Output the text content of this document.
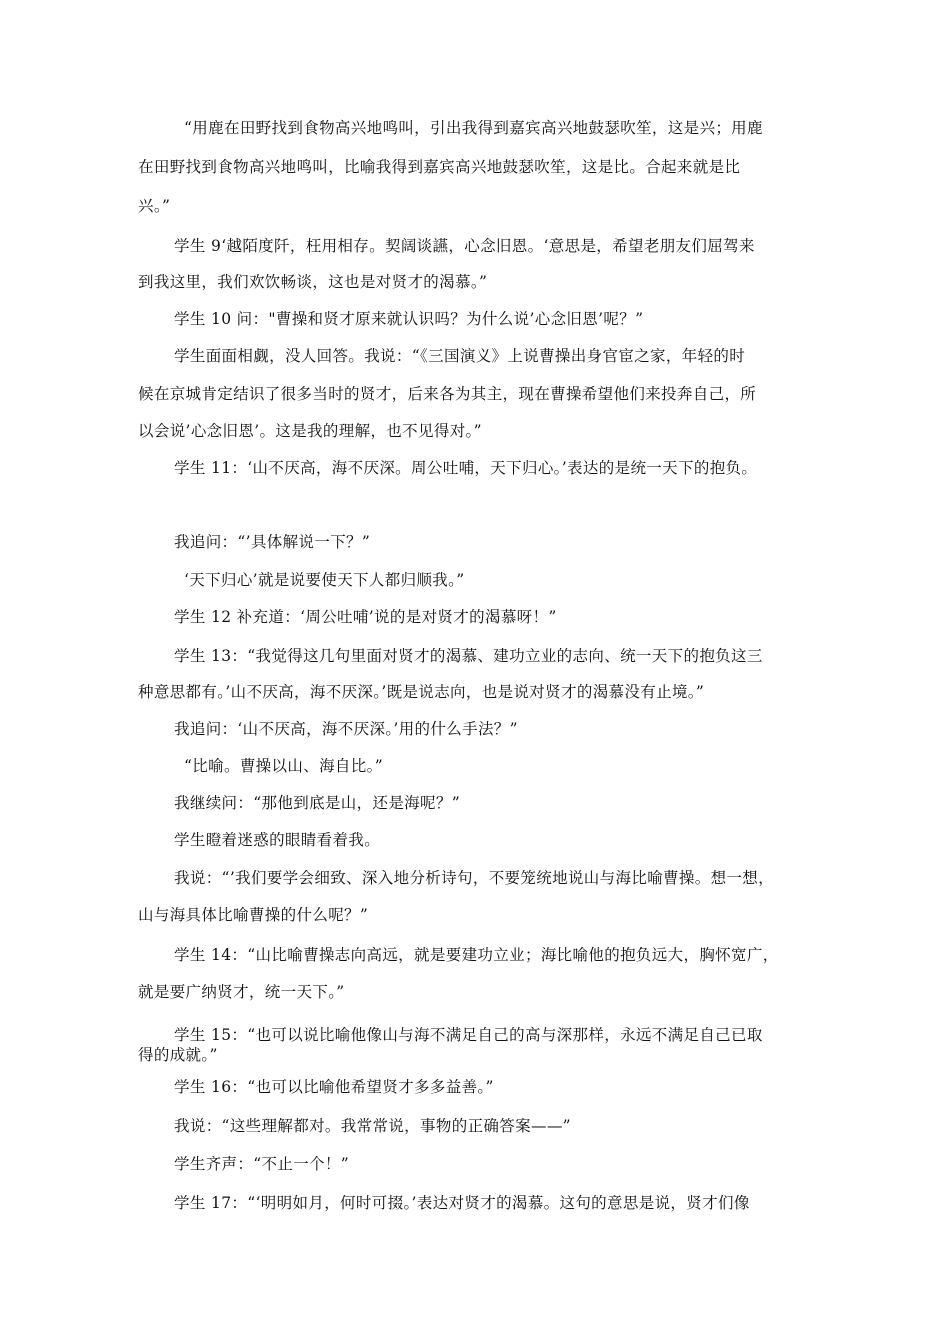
“用鹿在田野找到食物高兴地鸣叫，引出我得到嘉宾高兴地鼓瑟吹笙，这是兴；用鹿
在田野找到食物高兴地鸣叫，比喻我得到嘉宾高兴地鼓瑟吹笙，这是比。合起来就是比
兴。”
学生 9‘越陌度阡，枉用相存。契阔谈讌，心念旧恩。‘意思是，希望老朋友们屈驾来
到我这里，我们欢饮畅谈，这也是对贤才的渴慕。”
学生 10 问："曹操和贤才原来就认识吗？为什么说’心念旧恩’呢？”
学生面面相觑，没人回答。我说：“《三国演义》上说曹操出身官宦之家，年轻的时
候在京城肯定结识了很多当时的贤才，后来各为其主，现在曹操希望他们来投奔自己，所
以会说’心念旧恩’。这是我的理解，也不见得对。”
学生 11：‘山不厌高，海不厌深。周公吐哺，天下归心。’表达的是统一天下的抱负。
我追问：“’具体解说一下？”
‘天下归心’就是说要使天下人都归顺我。”
学生 12 补充道：‘周公吐哺’说的是对贤才的渴慕呀！”
学生 13：“我觉得这几句里面对贤才的渴慕、建功立业的志向、统一天下的抱负这三
种意思都有。’山不厌高，海不厌深。’既是说志向，也是说对贤才的渴慕没有止境。”
我追问：‘山不厌高，海不厌深。’用的什么手法？”
“比喻。曹操以山、海自比。”
我继续问：“那他到底是山，还是海呢？”
学生瞪着迷惑的眼睛看着我。
我说：“’我们要学会细致、深入地分析诗句，不要笼统地说山与海比喻曹操。想一想，
山与海具体比喻曹操的什么呢？”
学生 14：“山比喻曹操志向高远，就是要建功立业；海比喻他的抱负远大，胸怀宽广，
就是要广纳贤才，统一天下。”
学生 15：“也可以说比喻他像山与海不满足自己的高与深那样，永远不满足自己已取
得的成就。”
学生 16：“也可以比喻他希望贤才多多益善。”
我说：“这些理解都对。我常常说，事物的正确答案——”
学生齐声：“不止一个！”
学生 17：“‘明明如月，何时可掇。’表达对贤才的渴慕。这句的意思是说，贤才们像
